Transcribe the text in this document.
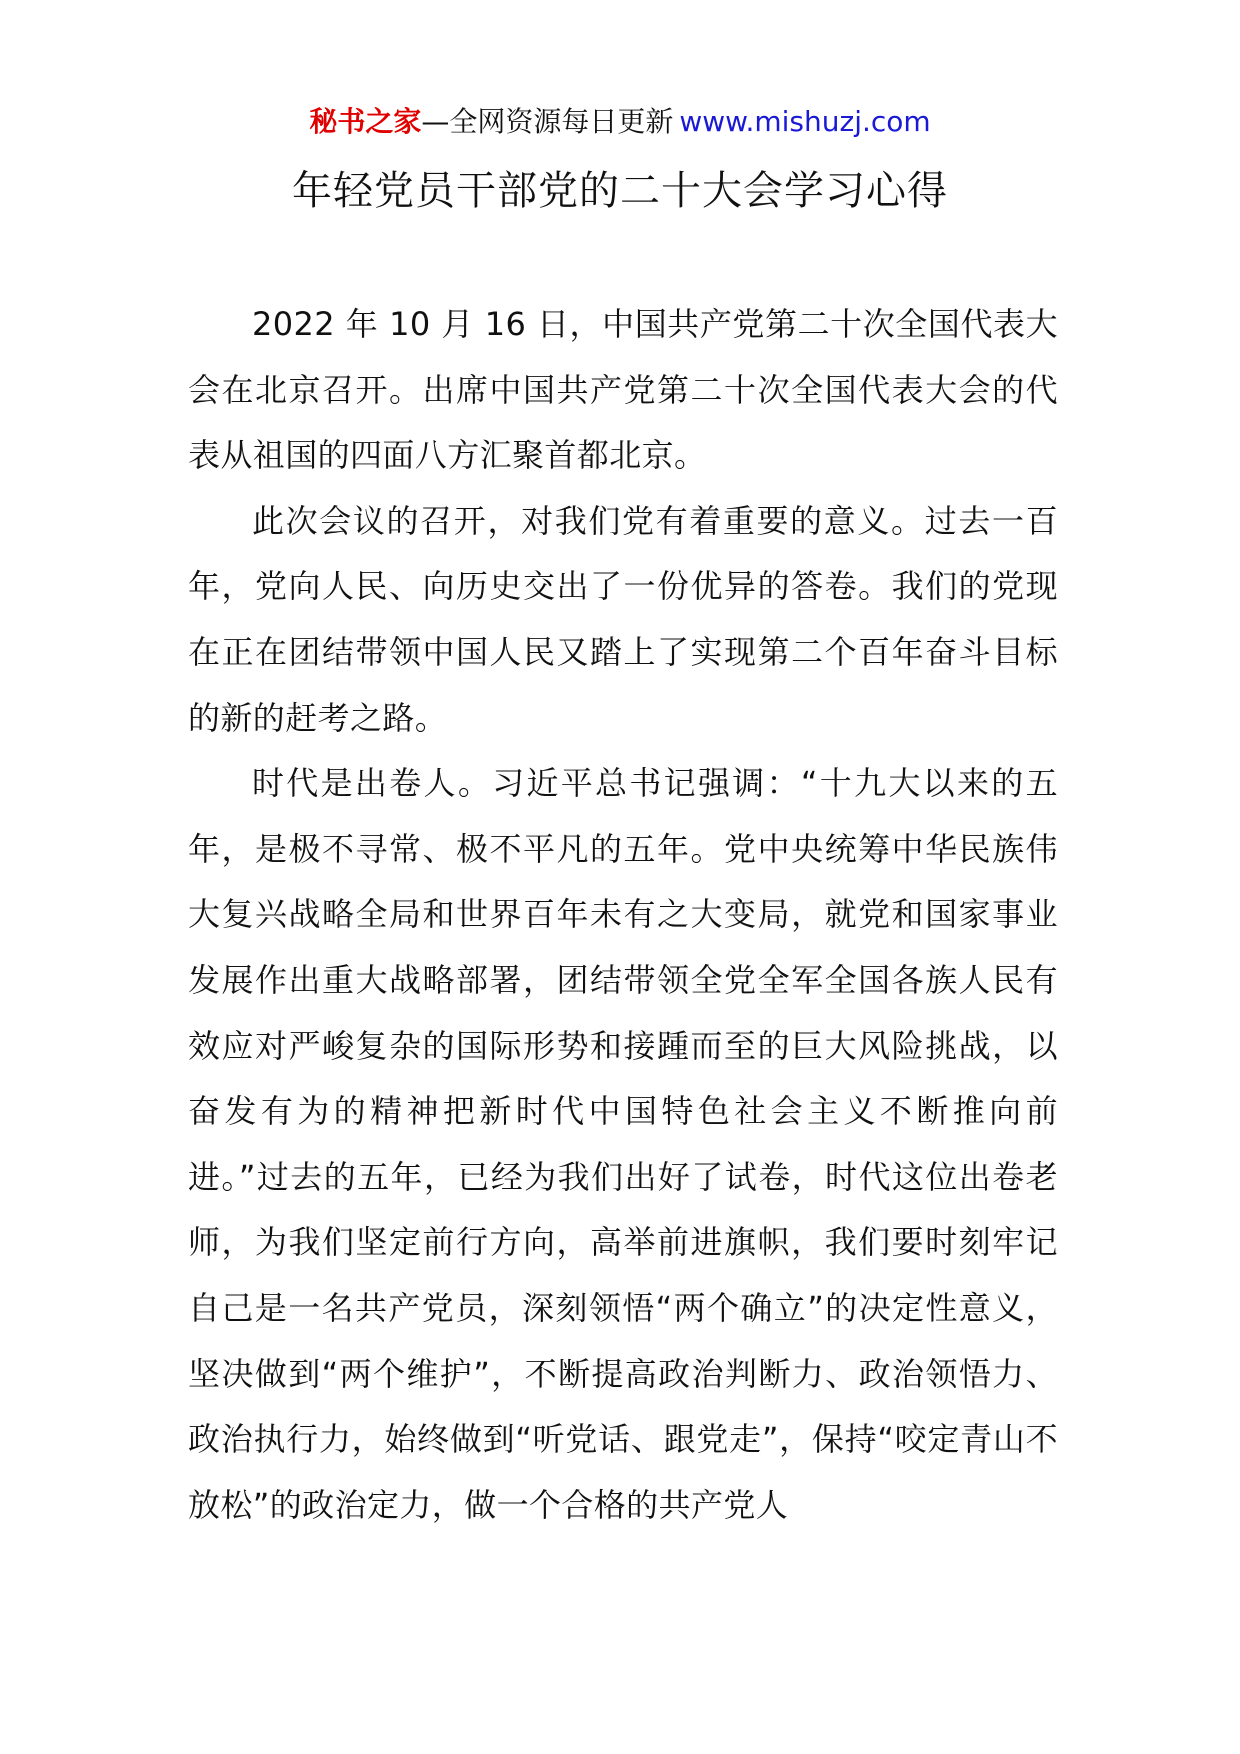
秘书之家—全网资源每日更新 www.mishuzj.com
年轻党员干部党的二十大会学习心得

2022 年 10 月 16 日，中国共产党第二十次全国代表大会在北京召开。出席中国共产党第二十次全国代表大会的代表从祖国的四面八方汇聚首都北京。

此次会议的召开，对我们党有着重要的意义。过去一百年，党向人民、向历史交出了一份优异的答卷。我们的党现在正在团结带领中国人民又踏上了实现第二个百年奋斗目标的新的赶考之路。

时代是出卷人。习近平总书记强调：“十九大以来的五年，是极不寻常、极不平凡的五年。党中央统筹中华民族伟大复兴战略全局和世界百年未有之大变局，就党和国家事业发展作出重大战略部署，团结带领全党全军全国各族人民有效应对严峻复杂的国际形势和接踵而至的巨大风险挑战，以奋发有为的精神把新时代中国特色社会主义不断推向前进。”过去的五年，已经为我们出好了试卷，时代这位出卷老师，为我们坚定前行方向，高举前进旗帜，我们要时刻牢记自己是一名共产党员，深刻领悟“两个确立”的决定性意义，坚决做到“两个维护”，不断提高政治判断力、政治领悟力、政治执行力，始终做到“听党话、跟党走”，保持“咬定青山不放松”的政治定力，做一个合格的共产党人
